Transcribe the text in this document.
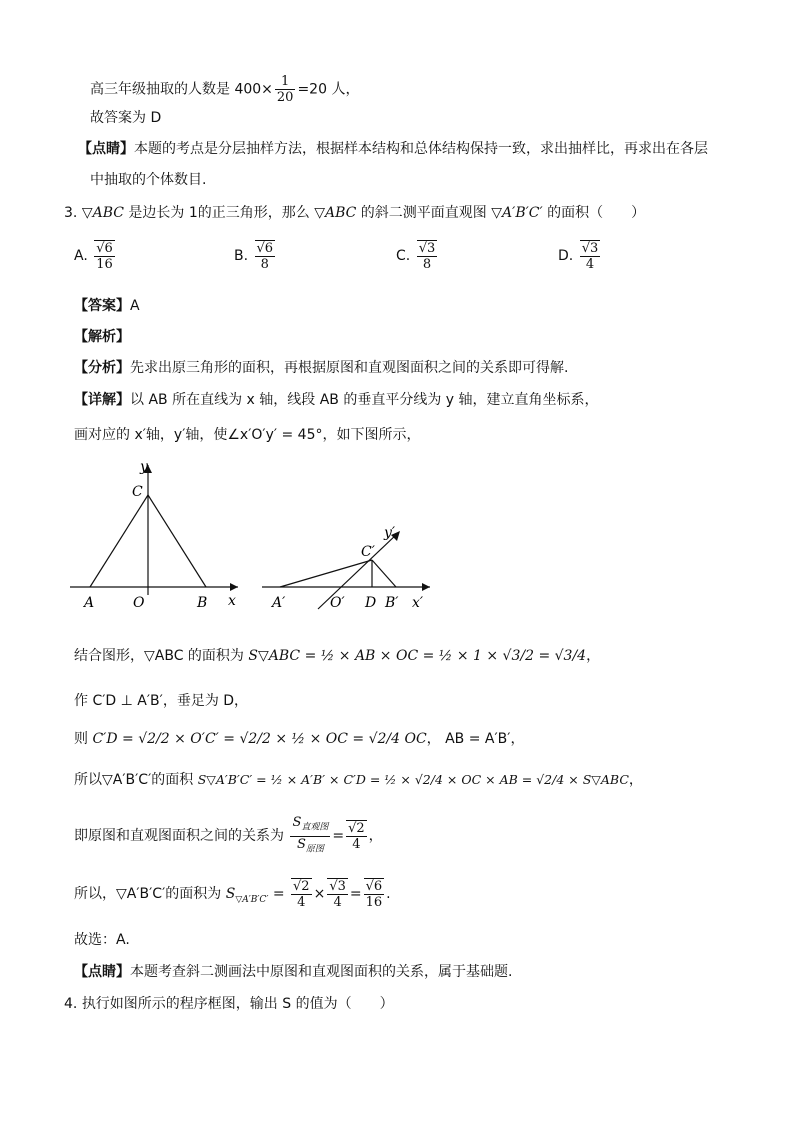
高三年级抽取的人数是 $400\times \frac{1}{20} =20$ 人，
故答案为 D
【点睛】本题的考点是分层抽样方法，根据样本结构和总体结构保持一致，求出抽样比，再求出在各层
中抽取的个体数目.
3. ▽ABC 是边长为 1的正三角形，那么 ▽ABC 的斜二测平面直观图 ▽A′B′C′ 的面积（　　）
A. $\frac{√6}{16}$	B. $\frac{√6}{8}$	C. $\frac{√3}{8}$	D. $\frac{√3}{4}$
【答案】A
【解析】
【分析】先求出原三角形的面积，再根据原图和直观图面积之间的关系即可得解.
【详解】以 AB 所在直线为 x 轴，线段 AB 的垂直平分线为 y 轴，建立直角坐标系，
画对应的 x′轴，y′轴，使∠x′O′y′ = 45°，如下图所示，
y
C
A	O	B x
y′
C′
A′	O′ D B′ x′
结合图形，▽ABC 的面积为 S▽ABC = ½ × AB × OC = ½ × 1 × √3/2 = √3/4，
作 C′D ⊥ A′B′，垂足为 D，
则 C′D = √2/2 × O′C′ = √2/2 × ½ × OC = √2/4 OC， AB = A′B′，
所以▽A′B′C′的面积 S▽A′B′C′ = ½ × A′B′ × C′D = ½ × √2/4 × OC × AB = √2/4 × S▽ABC，
即原图和直观图面积之间的关系为 $\frac{S_{直观图}}{S_{原图}} = \frac{√2}{4}$ ，
所以，▽A′B′C′的面积为 $S_{▽A'B'C'} = \frac{√2}{4} \times \frac{√3}{4} = \frac{√6}{16}$ .
故选：A.
【点睛】本题考查斜二测画法中原图和直观图面积的关系，属于基础题.
4. 执行如图所示的程序框图，输出 S 的值为（　　）
